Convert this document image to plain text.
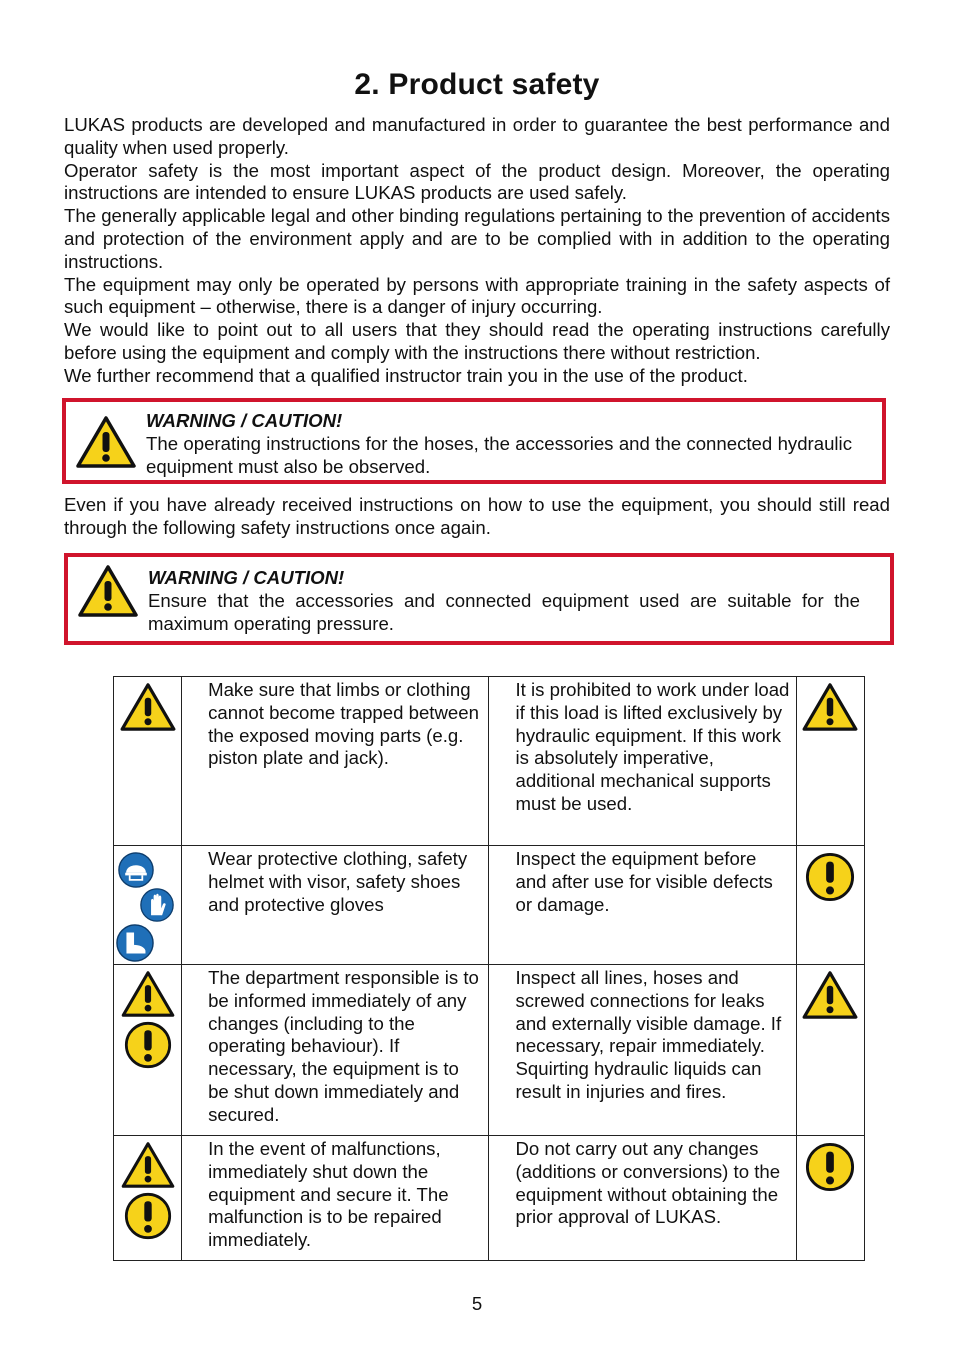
2. Product safety

LUKAS products are developed and manufactured in order to guarantee the best performance and quality when used properly.

Operator safety is the most important aspect of the product design. Moreover, the operating instructions are intended to ensure LUKAS products are used safely.

The generally applicable legal and other binding regulations pertaining to the prevention of accidents and protection of the environment apply and are to be complied with in addition to the operating instructions.

The equipment may only be operated by persons with appropriate training in the safety aspects of such equipment – otherwise, there is a danger of injury occurring.

We would like to point out to all users that they should read the operating instructions carefully before using the equipment and comply with the instructions there without restriction.

We further recommend that a qualified instructor train you in the use of the product.

WARNING / CAUTION!
The operating instructions for the hoses, the accessories and the connected hydraulic equipment must also be observed.

Even if you have already received instructions on how to use the equipment, you should still read through the following safety instructions once again.

WARNING / CAUTION!
Ensure that the accessories and connected equipment used are suitable for the maximum operating pressure.
	Make sure that limbs or clothing cannot become trapped between the exposed moving parts (e.g. piston plate and jack).	It is prohibited to work under load if this load is lifted exclusively by hydraulic equipment. If this work is absolutely imperative, additional mechanical supports must be used.	

	Wear protective clothing, safety helmet with visor, safety shoes and protective gloves	Inspect the equipment before and after use for visible defects or damage.	

	The department responsible is to be informed immediately of any changes (including to the operating behaviour). If necessary, the equipment is to be shut down immediately and secured.	Inspect all lines, hoses and screwed connections for leaks and externally visible damage. If necessary, repair immediately. Squirting hydraulic liquids can result in injuries and fires.	

	In the event of malfunctions, immediately shut down the equipment and secure it. The malfunction is to be repaired immediately.	Do not carry out any changes (additions or conversions) to the equipment without obtaining the prior approval of LUKAS.	
5
